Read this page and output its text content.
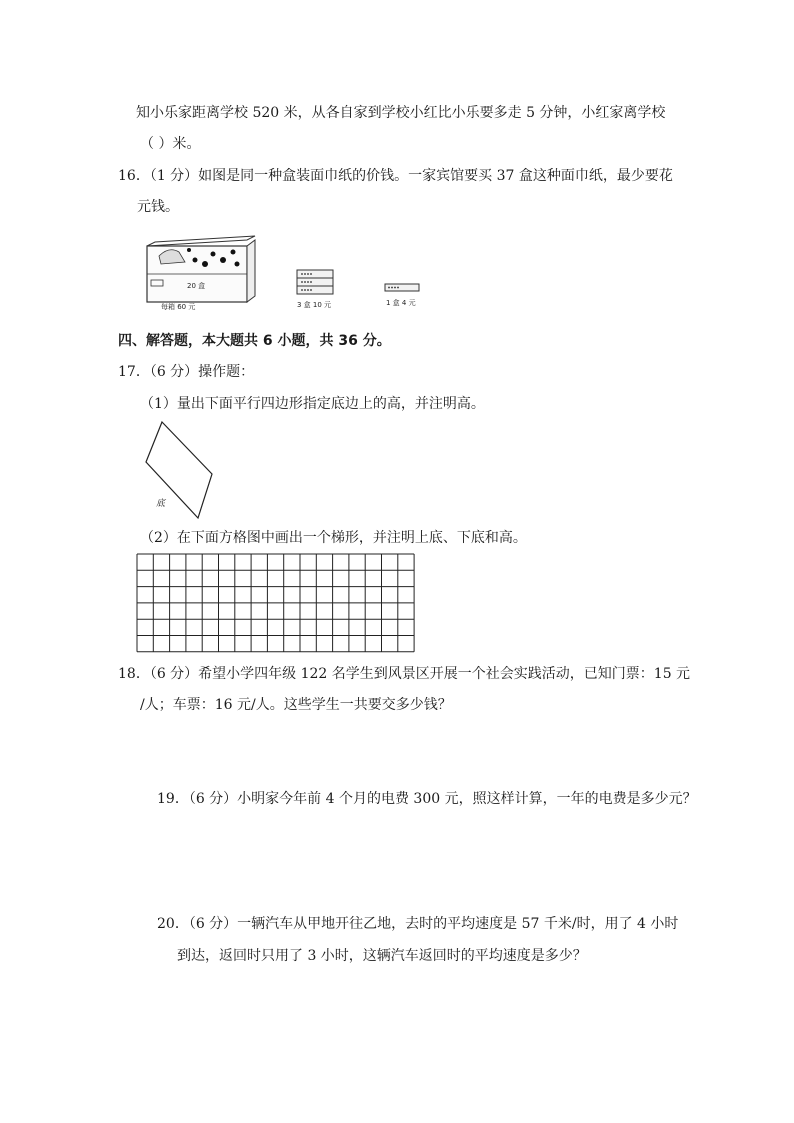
知小乐家距离学校 520 米，从各自家到学校小红比小乐要多走 5 分钟，小红家离学校
（ ）米。
16．（1 分）如图是同一种盒装面巾纸的价钱。一家宾馆要买 37 盒这种面巾纸，最少要花
元钱。
20 盒
每箱 60 元	3 盒 10 元	1 盒 4 元
四、解答题，本大题共 6 小题，共 36 分。
17．（6 分）操作题：
（1）量出下面平行四边形指定底边上的高，并注明高。
底
（2）在下面方格图中画出一个梯形，并注明上底、下底和高。
18．（6 分）希望小学四年级 122 名学生到风景区开展一个社会实践活动，已知门票：15 元
/人；车票：16 元/人。这些学生一共要交多少钱？
19．（6 分）小明家今年前 4 个月的电费 300 元，照这样计算，一年的电费是多少元？
20．（6 分）一辆汽车从甲地开往乙地，去时的平均速度是 57 千米/时，用了 4 小时
到达，返回时只用了 3 小时，这辆汽车返回时的平均速度是多少？
